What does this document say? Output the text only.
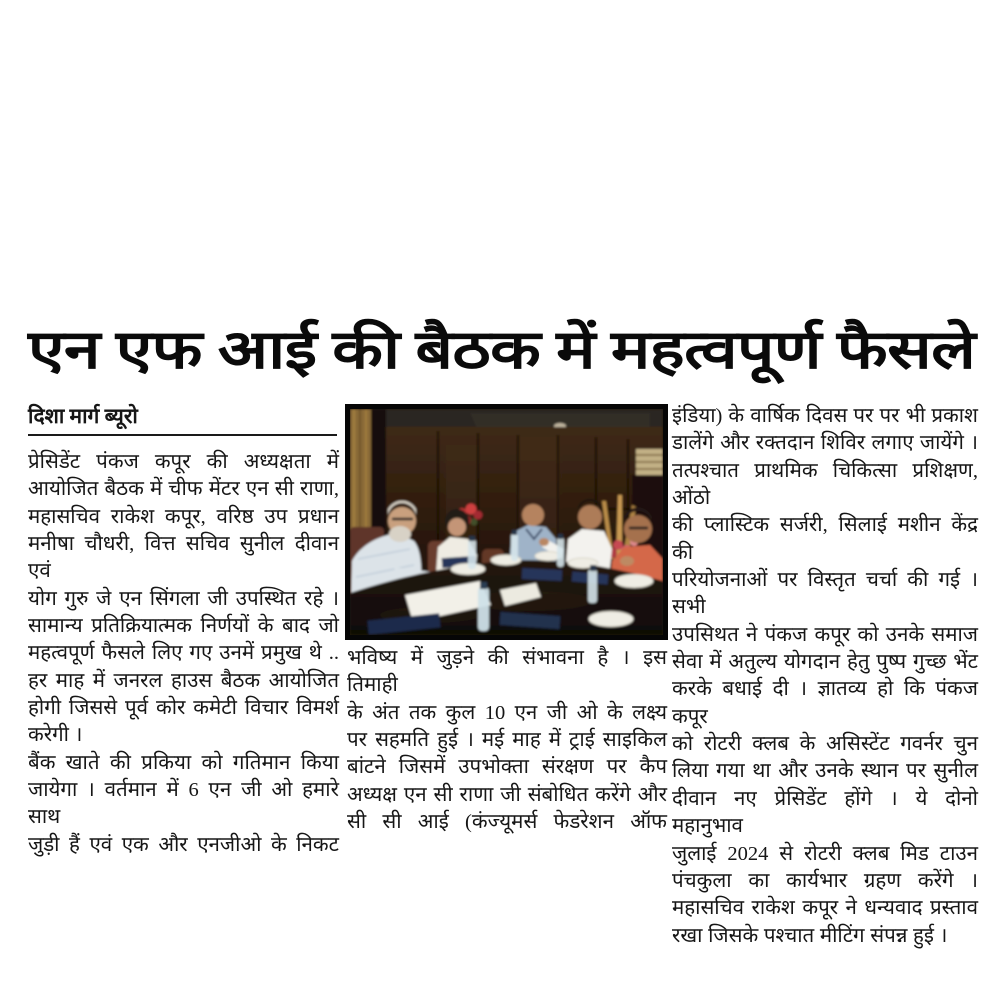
एन एफ आई की बैठक में महत्वपूर्ण फैसले
दिशा मार्ग ब्यूरो
प्रेसिडेंट पंकज कपूर की अध्यक्षता में
आयोजित बैठक में चीफ मेंटर एन सी राणा,
महासचिव राकेश कपूर, वरिष्ठ उप प्रधान
मनीषा चौधरी, वित्त सचिव सुनील दीवान एवं
योग गुरु जे एन सिंगला जी उपस्थित रहे ।
सामान्य प्रतिक्रियात्मक निर्णयों के बाद जो
महत्वपूर्ण फैसले लिए गए उनमें प्रमुख थे ..
हर माह में जनरल हाउस बैठक आयोजित
होगी जिससे पूर्व कोर कमेटी विचार विमर्श
करेगी ।
बैंक खाते की प्रकिया को गतिमान किया
जायेगा । वर्तमान में 6 एन जी ओ हमारे साथ
जुड़ी हैं एवं एक और एनजीओ के निकट
भविष्य में जुड़ने की संभावना है । इस तिमाही
के अंत तक कुल 10 एन जी ओ के लक्ष्य
पर सहमति हुई । मई माह में ट्राई साइकिल
बांटने जिसमें उपभोक्ता संरक्षण पर कैप
अध्यक्ष एन सी राणा जी संबोधित करेंगे और
सी सी आई (कंज्यूमर्स फेडरेशन ऑफ
इंडिया) के वार्षिक दिवस पर पर भी प्रकाश
डालेंगे और रक्तदान शिविर लगाए जायेंगे ।
तत्पश्चात प्राथमिक चिकित्सा प्रशिक्षण, ओंठो
की प्लास्टिक सर्जरी, सिलाई मशीन केंद्र की
परियोजनाओं पर विस्तृत चर्चा की गई । सभी
उपसिथत ने पंकज कपूर को उनके समाज
सेवा में अतुल्य योगदान हेतु पुष्प गुच्छ भेंट
करके बधाई दी । ज्ञातव्य हो कि पंकज कपूर
को रोटरी क्लब के असिस्टेंट गवर्नर चुन
लिया गया था और उनके स्थान पर सुनील
दीवान नए प्रेसिडेंट होंगे । ये दोनो महानुभाव
जुलाई 2024 से रोटरी क्लब मिड टाउन
पंचकुला का कार्यभार ग्रहण करेंगे ।
महासचिव राकेश कपूर ने धन्यवाद प्रस्ताव
रखा जिसके पश्चात मीटिंग संपन्न हुई ।
